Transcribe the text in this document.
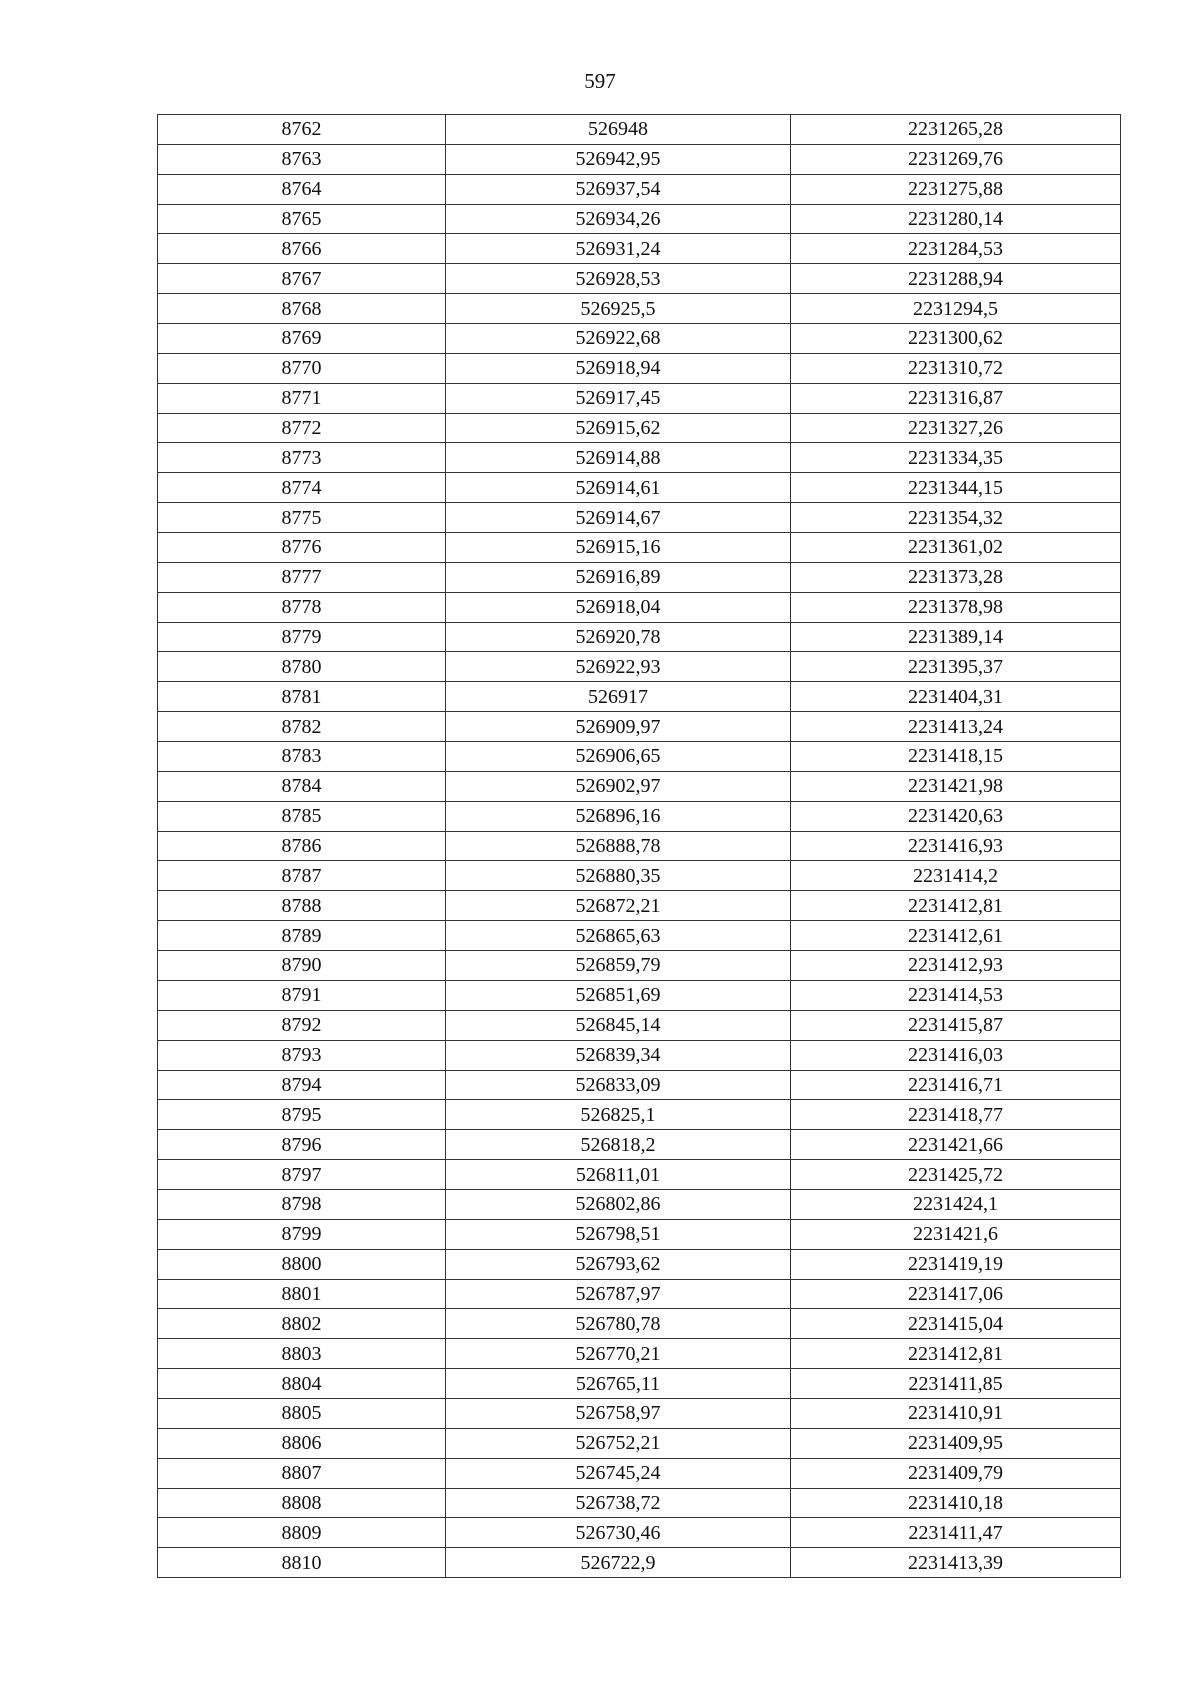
597
8762	526948	2231265,28
8763	526942,95	2231269,76
8764	526937,54	2231275,88
8765	526934,26	2231280,14
8766	526931,24	2231284,53
8767	526928,53	2231288,94
8768	526925,5	2231294,5
8769	526922,68	2231300,62
8770	526918,94	2231310,72
8771	526917,45	2231316,87
8772	526915,62	2231327,26
8773	526914,88	2231334,35
8774	526914,61	2231344,15
8775	526914,67	2231354,32
8776	526915,16	2231361,02
8777	526916,89	2231373,28
8778	526918,04	2231378,98
8779	526920,78	2231389,14
8780	526922,93	2231395,37
8781	526917	2231404,31
8782	526909,97	2231413,24
8783	526906,65	2231418,15
8784	526902,97	2231421,98
8785	526896,16	2231420,63
8786	526888,78	2231416,93
8787	526880,35	2231414,2
8788	526872,21	2231412,81
8789	526865,63	2231412,61
8790	526859,79	2231412,93
8791	526851,69	2231414,53
8792	526845,14	2231415,87
8793	526839,34	2231416,03
8794	526833,09	2231416,71
8795	526825,1	2231418,77
8796	526818,2	2231421,66
8797	526811,01	2231425,72
8798	526802,86	2231424,1
8799	526798,51	2231421,6
8800	526793,62	2231419,19
8801	526787,97	2231417,06
8802	526780,78	2231415,04
8803	526770,21	2231412,81
8804	526765,11	2231411,85
8805	526758,97	2231410,91
8806	526752,21	2231409,95
8807	526745,24	2231409,79
8808	526738,72	2231410,18
8809	526730,46	2231411,47
8810	526722,9	2231413,39
